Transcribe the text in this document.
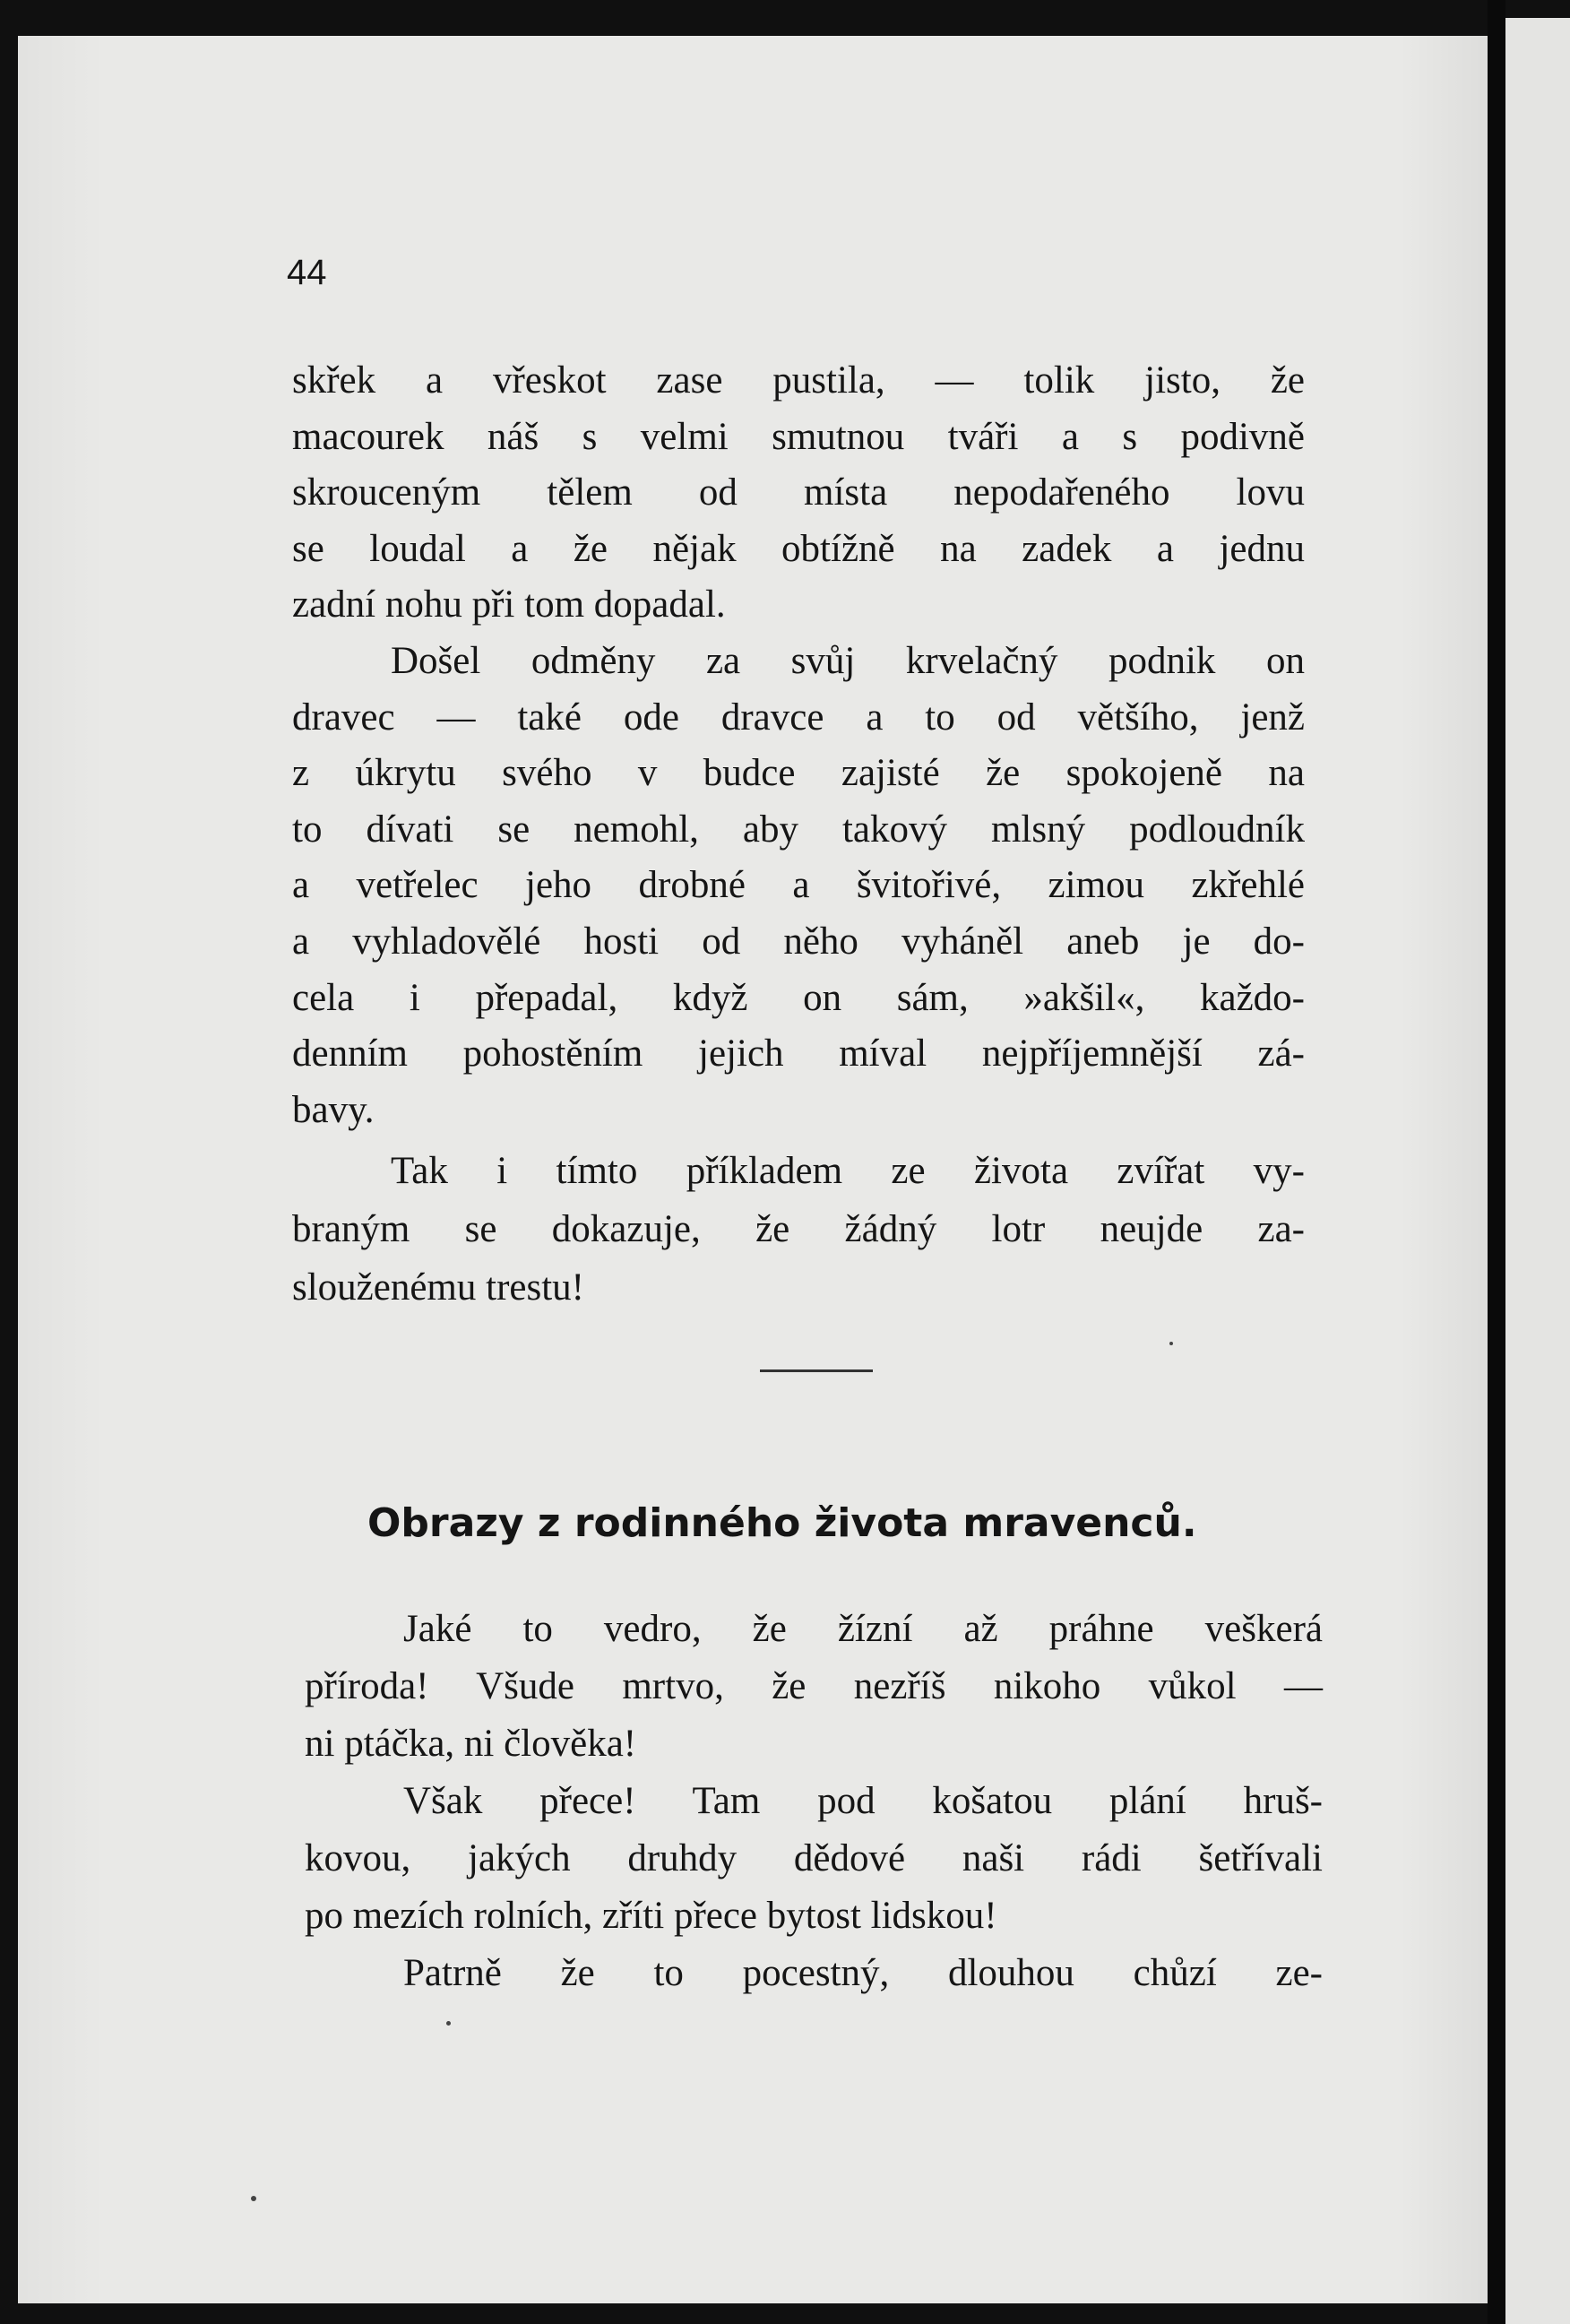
44

skřek a vřeskot zase pustila, — tolik jisto, že

macourek náš s velmi smutnou tváři a s podivně

skrouceným tělem od místa nepodařeného lovu

se loudal a že nějak obtížně na zadek a jednu

zadní nohu při tom dopadal.

Došel odměny za svůj krvelačný podnik on

dravec — také ode dravce a to od většího, jenž

z úkrytu svého v budce zajisté že spokojeně na

to dívati se nemohl, aby takový mlsný podloudník

a vetřelec jeho drobné a švitořivé, zimou zkřehlé

a vyhladovělé hosti od něho vyháněl aneb je do-

cela i přepadal, když on sám, »akšil«, každo-

denním pohostěním jejich míval nejpříjemnější zá-

bavy.

Tak i tímto příkladem ze života zvířat vy-

braným se dokazuje, že žádný lotr neujde za-

slouženému trestu!

Obrazy z rodinného života mravenců.

Jaké to vedro, že žízní až práhne veškerá

příroda! Všude mrtvo, že nezříš nikoho vůkol —

ni ptáčka, ni člověka!

Však přece! Tam pod košatou plání hruš-

kovou, jakých druhdy dědové naši rádi šetřívali

po mezích rolních, zříti přece bytost lidskou!

Patrně že to pocestný, dlouhou chůzí ze-
